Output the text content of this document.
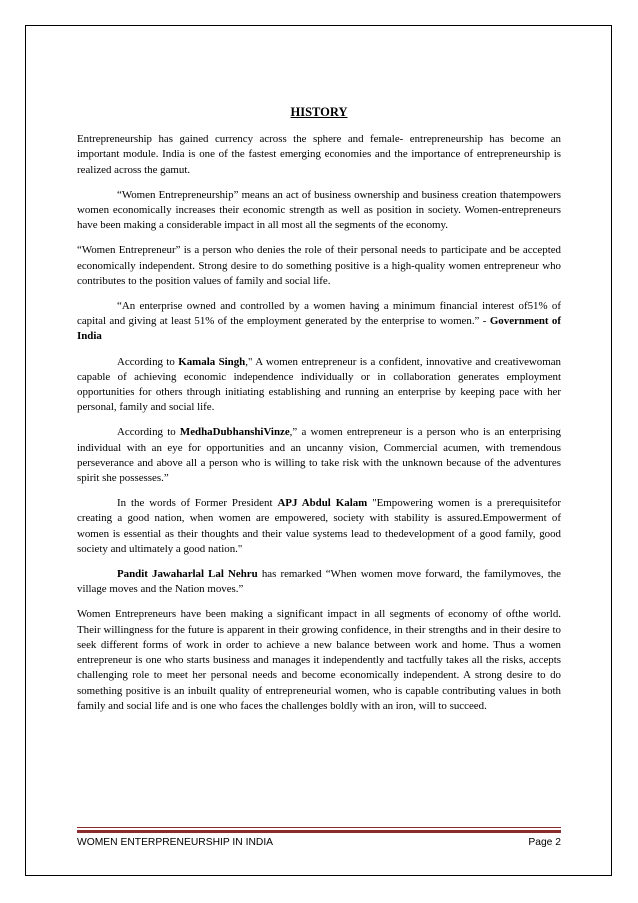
HISTORY

Entrepreneurship has gained currency across the sphere and female- entrepreneurship has become an important module. India is one of the fastest emerging economies and the importance of entrepreneurship is realized across the gamut.

“Women Entrepreneurship” means an act of business ownership and business creation thatempowers women economically increases their economic strength as well as position in society. Women-entrepreneurs have been making a considerable impact in all most all the segments of the economy.

“Women Entrepreneur” is a person who denies the role of their personal needs to participate and be accepted economically independent. Strong desire to do something positive is a high-quality women entrepreneur who contributes to the position values of family and social life.

“An enterprise owned and controlled by a women having a minimum financial interest of51% of capital and giving at least 51% of the employment generated by the enterprise to women.” - Government of India

According to Kamala Singh," A women entrepreneur is a confident, innovative and creativewoman capable of achieving economic independence individually or in collaboration generates employment opportunities for others through initiating establishing and running an enterprise by keeping pace with her personal, family and social life.

According to MedhaDubhanshiVinze,” a women entrepreneur is a person who is an enterprising individual with an eye for opportunities and an uncanny vision, Commercial acumen, with tremendous perseverance and above all a person who is willing to take risk with the unknown because of the adventures spirit she possesses.”

In the words of Former President APJ Abdul Kalam "Empowering women is a prerequisitefor creating a good nation, when women are empowered, society with stability is assured.Empowerment of women is essential as their thoughts and their value systems lead to thedevelopment of a good family, good society and ultimately a good nation."

Pandit Jawaharlal Lal Nehru has remarked “When women move forward, the familymoves, the village moves and the Nation moves.”

Women Entrepreneurs have been making a significant impact in all segments of economy of ofthe world. Their willingness for the future is apparent in their growing confidence, in their strengths and in their desire to seek different forms of work in order to achieve a new balance between work and home. Thus a women entrepreneur is one who starts business and manages it independently and tactfully takes all the risks, accepts challenging role to meet her personal needs and become economically independent. A strong desire to do something positive is an inbuilt quality of entrepreneurial women, who is capable contributing values in both family and social life and is one who faces the challenges boldly with an iron, will to succeed.

WOMEN ENTERPRENEURSHIP IN INDIA	Page 2
